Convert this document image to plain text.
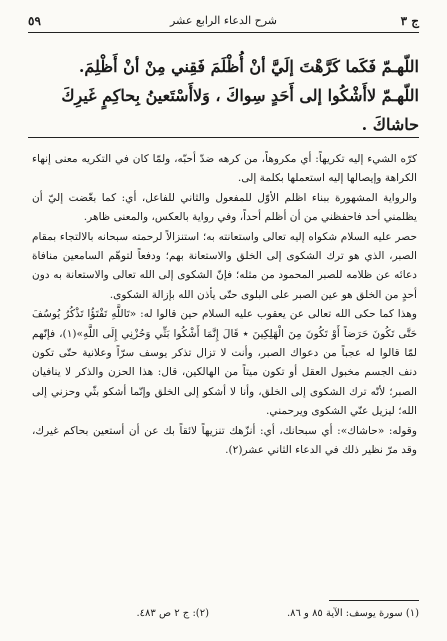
ج ٣
شرح الدعاء الرابع عشر
٥٩
اللّهـمّ فَكَما كَرَّهْتَ إلَيَّ أنْ أُظْلَمَ فَقِني مِنْ أنْ أَظْلِمَ.
اللّهـمّ لاأَشْكُوا إلى أَحَدٍ سِواكَ ، وَلاأَسْتَعينُ بِحاكِمٍ غَيرِكَ
حاشاكَ .

كرّه الشيء إليه تكريهاً: أي مكروهاً، من كرهه ضدّ أحبّه، ولمّا كان في التكريه معنى إنهاء الكراهة وإيصالها إليه استعملها بكلمة إلى.

والرواية المشهورة ببناء اظلم الأوّل للمفعول والثاني للفاعل، أي: كما بغّضت إليّ أن يظلمني أحد فاحفظني من أن أظلم أحداً، وفي رواية بالعكس، والمعنى ظاهر.

حصر عليه السلام شكواه إليه تعالى واستعانته به؛ استنزالاً لرحمته سبحانه بالالتجاء بمقام الصبر، الذي هو ترك الشكوى إلى الخلق والاستعانة بهم؛ ودفعاً لتوهّم السامعين منافاة دعائه عن ظلامه للصبر المحمود من مثله؛ فإنّ الشكوى إلى الله تعالى والاستعانة به دون أحدٍ من الخلق هو عين الصبر على البلوى حتّى يأذن الله بإزالة الشكوى.

وهذا كما حكى الله تعالى عن يعقوب عليه السلام حين قالوا له: «تَاللَّهِ تَفْتَؤُا تَذْكُرُ يُوسُفَ حَتَّى تَكُونَ حَرَضاً أَوْ تَكُونَ مِنَ الْهَلِكِينَ ٭ قَالَ إِنَّمَا أَشْكُوا بَثِّي وَحُزْنِي إِلَى اللَّهِ»(١)، فإنّهم لمّا قالوا له عجباً من دعواك الصبر، وأنت لا تزال تذكر يوسف سرّاً وعلانية حتّى تكون دنف الجسم مخبول العقل أو تكون ميتاً من الهالكين، قال: هذا الحزن والذكر لا ينافيان الصبر؛ لأنّه ترك الشكوى إلى الخلق، وأنا لا أشكو إلى الخلق وإنّما أشكو بثّي وحزني إلى الله؛ ليزيل عنّي الشكوى ويرحمني.

وقوله: «حاشاك»: أي سبحانك، أي: أنزّهك تنزيهاً لائقاً بك عن أن أستعين بحاكم غيرك، وقد مرّ نظير ذلك في الدعاء الثاني عشر(٢).

(١) سورة يوسف: الآية ٨٥ و ٨٦.
(٢): ج ٢ ص ٤٨٣.
